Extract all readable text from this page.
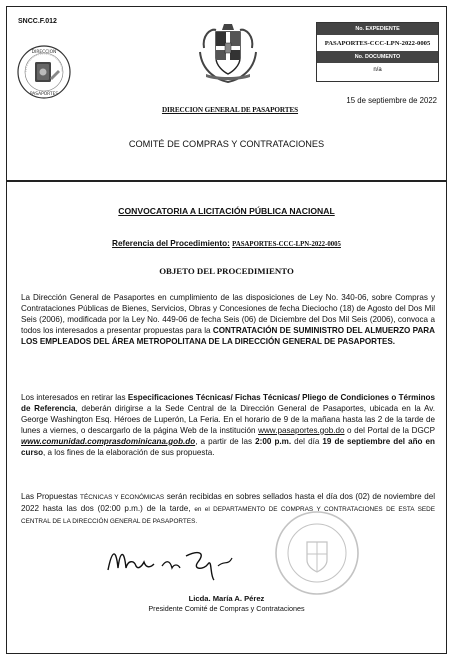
SNCC.F.012
DIRECCION
PASAPORTES
DIRECCION GENERAL DE PASAPORTES
No. EXPEDIENTE
PASAPORTES-CCC-LPN-2022-0005
No. DOCUMENTO
n/a
15 de septiembre de 2022
COMITÉ DE COMPRAS Y CONTRATACIONES
CONVOCATORIA A LICITACIÓN PÚBLICA NACIONAL
Referencia del Procedimiento: PASAPORTES-CCC-LPN-2022-0005
OBJETO DEL PROCEDIMIENTO
La Dirección General de Pasaportes en cumplimiento de las disposiciones de Ley No. 340-06, sobre Compras y Contrataciones Públicas de Bienes, Servicios, Obras y Concesiones de fecha Dieciocho (18) de Agosto del Dos Mil Seis (2006), modificada por la Ley No. 449-06 de fecha Seis (06) de Diciembre del Dos Mil Seis (2006), convoca a todos los interesados a presentar propuestas para la CONTRATACIÓN DE SUMINISTRO DEL ALMUERZO PARA LOS EMPLEADOS DEL ÁREA METROPOLITANA DE LA DIRECCIÓN GENERAL DE PASAPORTES.
Los interesados en retirar las Especificaciones Técnicas/ Fichas Técnicas/ Pliego de Condiciones o Términos de Referencia, deberán dirigirse a la Sede Central de la Dirección General de Pasaportes, ubicada en la Av. George Washington Esq. Héroes de Luperón, La Feria. En el horario de 9 de la mañana hasta las 2 de la tarde de lunes a viernes, o descargarlo de la página Web de la institución www.pasaportes.gob.do o del Portal de la DGCP www.comunidad.comprasdominicana.gob.do, a partir de las 2:00 p.m. del día 19 de septiembre del año en curso, a los fines de la elaboración de sus propuesta.
Las Propuestas TÉCNICAS Y ECONÓMICAS serán recibidas en sobres sellados hasta el día dos (02) de noviembre del 2022 hasta las dos (02:00 p.m.) de la tarde, en el DEPARTAMENTO DE COMPRAS Y CONTRATACIONES DE ESTA SEDE CENTRAL DE LA DIRECCIÓN GENERAL DE PASAPORTES.
Licda. María A. Pérez
Presidente Comité de Compras y Contrataciones
